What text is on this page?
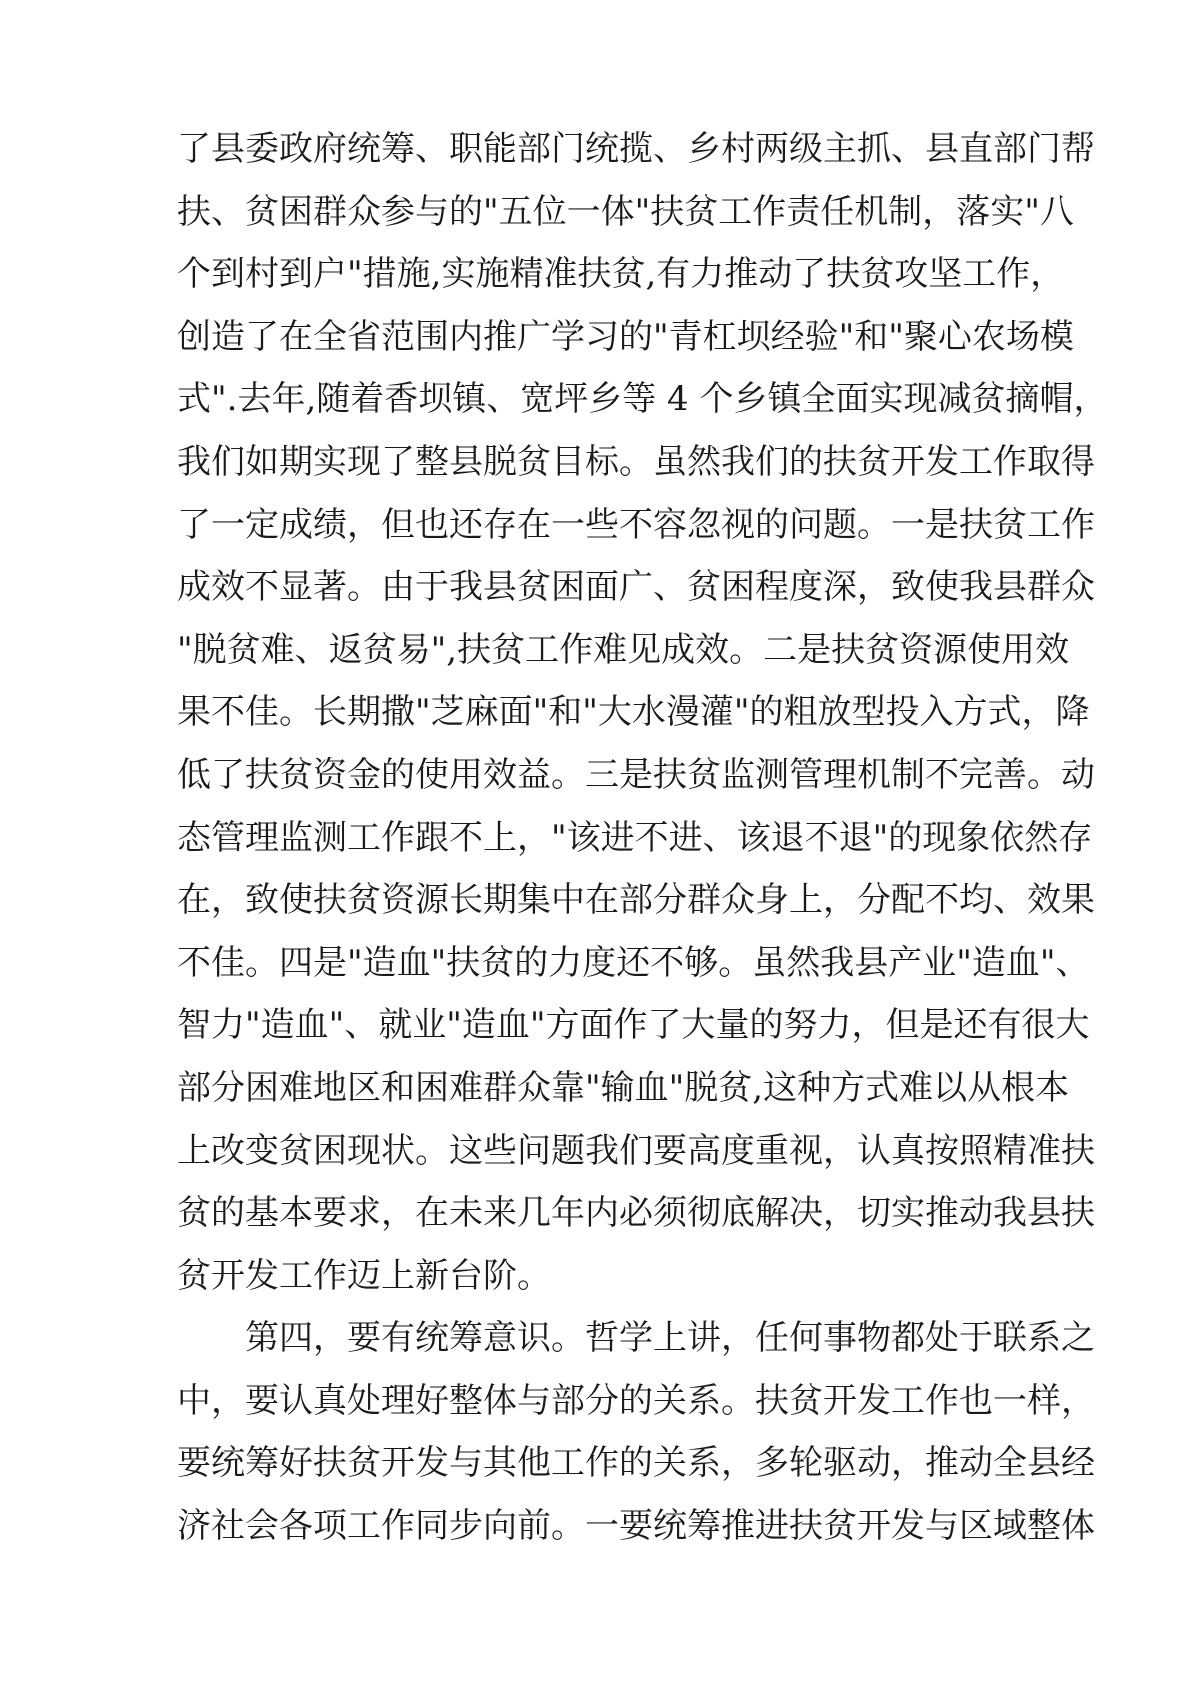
了县委政府统筹、职能部门统揽、乡村两级主抓、县直部门帮
扶、贫困群众参与的"五位一体"扶贫工作责任机制，落实"八
个到村到户"措施,实施精准扶贫,有力推动了扶贫攻坚工作，
创造了在全省范围内推广学习的"青杠坝经验"和"聚心农场模
式".去年,随着香坝镇、宽坪乡等 4 个乡镇全面实现减贫摘帽，
我们如期实现了整县脱贫目标。虽然我们的扶贫开发工作取得
了一定成绩，但也还存在一些不容忽视的问题。一是扶贫工作
成效不显著。由于我县贫困面广、贫困程度深，致使我县群众
"脱贫难、返贫易",扶贫工作难见成效。二是扶贫资源使用效
果不佳。长期撒"芝麻面"和"大水漫灌"的粗放型投入方式，降
低了扶贫资金的使用效益。三是扶贫监测管理机制不完善。动
态管理监测工作跟不上，"该进不进、该退不退"的现象依然存
在，致使扶贫资源长期集中在部分群众身上，分配不均、效果
不佳。四是"造血"扶贫的力度还不够。虽然我县产业"造血"、
智力"造血"、就业"造血"方面作了大量的努力，但是还有很大
部分困难地区和困难群众靠"输血"脱贫,这种方式难以从根本
上改变贫困现状。这些问题我们要高度重视，认真按照精准扶
贫的基本要求，在未来几年内必须彻底解决，切实推动我县扶
贫开发工作迈上新台阶。
第四，要有统筹意识。哲学上讲，任何事物都处于联系之
中，要认真处理好整体与部分的关系。扶贫开发工作也一样，
要统筹好扶贫开发与其他工作的关系，多轮驱动，推动全县经
济社会各项工作同步向前。一要统筹推进扶贫开发与区域整体
